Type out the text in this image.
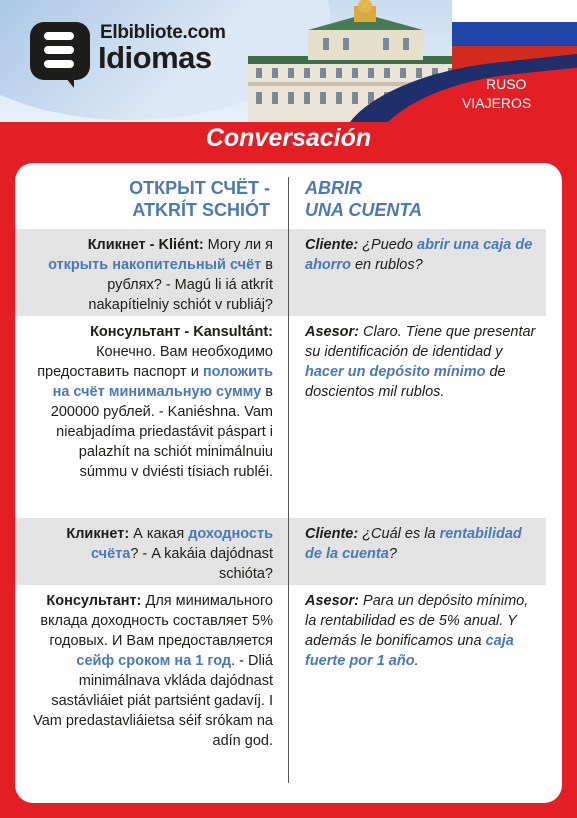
Elbibliote.com
Idiomas
RUSO
VIAJEROS
Conversación
ОТКРЫТ СЧЁТ -
ATKRÍT SCHIÓT
ABRIR
UNA CUENTA
Кликнет - Kliént: Могу ли я открыть накопительный счёт в рублях? - Magú li iá atkrít nakapítielniy schiót v rubliáj?
Cliente: ¿Puedo abrir una caja de ahorro en rublos?
Консультант - Kansultánt: Конечно. Вам необходимо предоставить паспорт и положить на счёт минимальную сумму в 200000 рублей. - Kaniéshna. Vam nieabjadíma priedastávit páspart i palazhít na schiót minimálnuiu súmmu v dviésti tísiach rubléi.
Asesor: Claro. Tiene que presentar su identificación de identidad y hacer un depósito mínimo de doscientos mil rublos.
Кликнет: А какая доходность счёта? - A kakáia dajódnast schióta?
Cliente: ¿Cuál es la rentabilidad de la cuenta?
Консультант: Для минимального вклада доходность составляет 5% годовых. И Вам предоставляется сейф сроком на 1 год. - Dliá minimálnava vkláda dajódnast sastávliáiet piát partsiént gadavíj. I Vam predastavliáietsa séif srókam na adín god.
Asesor: Para un depósito mínimo, la rentabilidad es de 5% anual. Y además le bonificamos una caja fuerte por 1 año.
